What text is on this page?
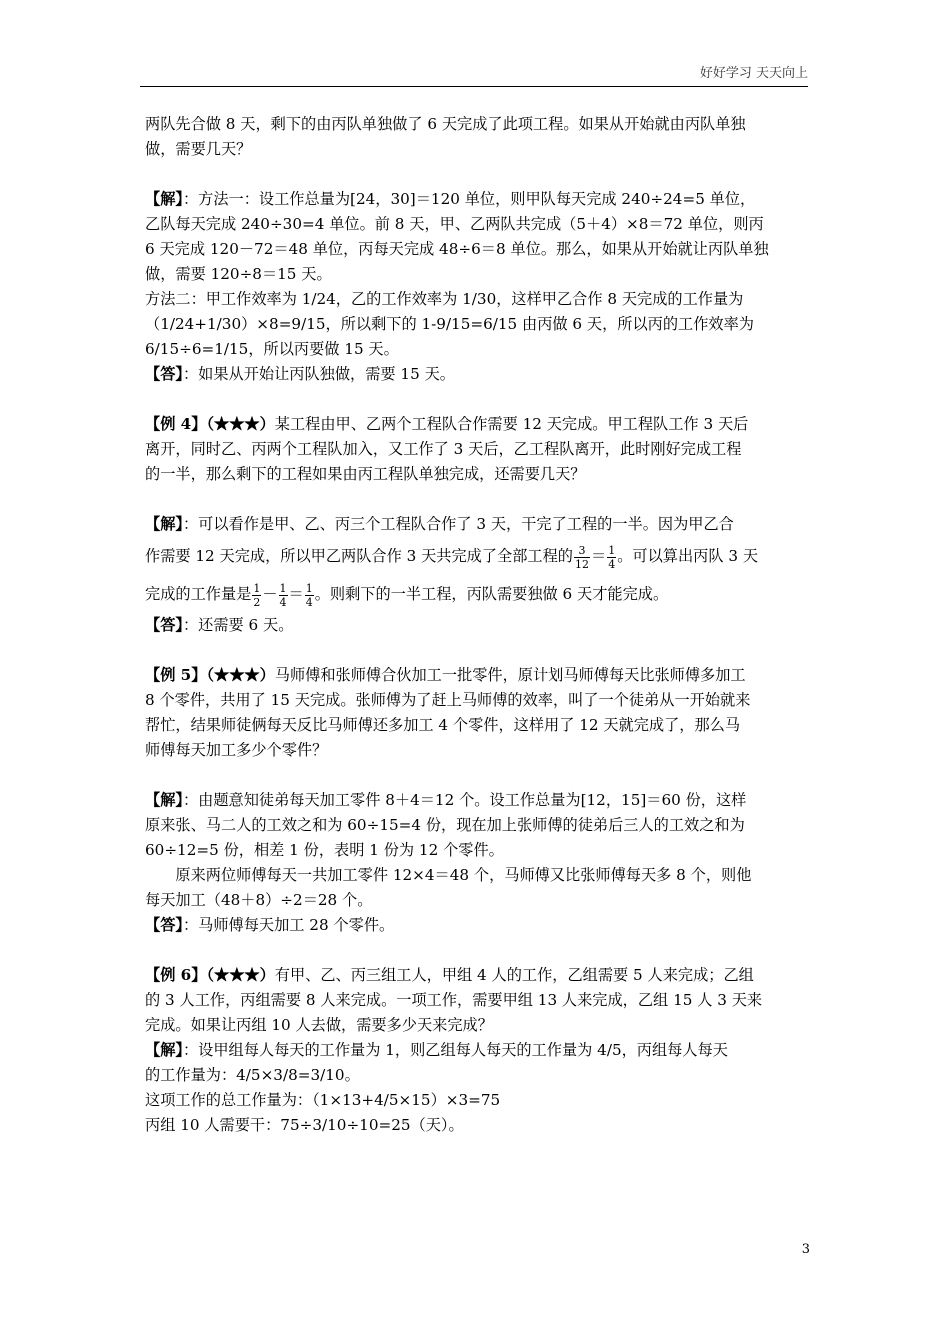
好好学习 天天向上

两队先合做 8 天，剩下的由丙队单独做了 6 天完成了此项工程。如果从开始就由丙队单独

做，需要几天？

【解】：方法一：设工作总量为[24，30]＝120 单位，则甲队每天完成 240÷24=5 单位，

乙队每天完成 240÷30=4 单位。前 8 天，甲、乙两队共完成（5＋4）×8＝72 单位，则丙

6 天完成 120－72＝48 单位，丙每天完成 48÷6＝8 单位。那么，如果从开始就让丙队单独

做，需要 120÷8＝15 天。

方法二：甲工作效率为 1/24，乙的工作效率为 1/30，这样甲乙合作 8 天完成的工作量为

（1/24+1/30）×8=9/15，所以剩下的 1-9/15=6/15 由丙做 6 天，所以丙的工作效率为

6/15÷6=1/15，所以丙要做 15 天。

【答】：如果从开始让丙队独做，需要 15 天。

【例 4】（★★★）某工程由甲、乙两个工程队合作需要 12 天完成。甲工程队工作 3 天后

离开，同时乙、丙两个工程队加入，又工作了 3 天后，乙工程队离开，此时刚好完成工程

的一半，那么剩下的工程如果由丙工程队单独完成，还需要几天？

【解】：可以看作是甲、乙、丙三个工程队合作了 3 天，干完了工程的一半。因为甲乙合

作需要 12 天完成，所以甲乙两队合作 3 天共完成了全部工程的 $\frac{3}{12} = \frac{1}{4}$ 。可以算出丙队 3 天

完成的工作量是 $\frac{1}{2} - \frac{1}{4} = \frac{1}{4}$ 。则剩下的一半工程，丙队需要独做 6 天才能完成。

【答】：还需要 6 天。

【例 5】（★★★）马师傅和张师傅合伙加工一批零件，原计划马师傅每天比张师傅多加工

8 个零件，共用了 15 天完成。张师傅为了赶上马师傅的效率，叫了一个徒弟从一开始就来

帮忙，结果师徒俩每天反比马师傅还多加工 4 个零件，这样用了 12 天就完成了，那么马

师傅每天加工多少个零件？

【解】：由题意知徒弟每天加工零件 8＋4＝12 个。设工作总量为[12，15]＝60 份，这样

原来张、马二人的工效之和为 60÷15=4 份，现在加上张师傅的徒弟后三人的工效之和为

60÷12=5 份，相差 1 份，表明 1 份为 12 个零件。

原来两位师傅每天一共加工零件 12×4＝48 个，马师傅又比张师傅每天多 8 个，则他

每天加工（48＋8）÷2＝28 个。

【答】：马师傅每天加工 28 个零件。

【例 6】（★★★）有甲、乙、丙三组工人，甲组 4 人的工作，乙组需要 5 人来完成；乙组

的 3 人工作，丙组需要 8 人来完成。一项工作，需要甲组 13 人来完成，乙组 15 人 3 天来

完成。如果让丙组 10 人去做，需要多少天来完成？

【解】：设甲组每人每天的工作量为 1，则乙组每人每天的工作量为 4/5，丙组每人每天

的工作量为：4/5×3/8=3/10。

这项工作的总工作量为：（1×13+4/5×15）×3=75

丙组 10 人需要干：75÷3/10÷10=25（天）。

3
